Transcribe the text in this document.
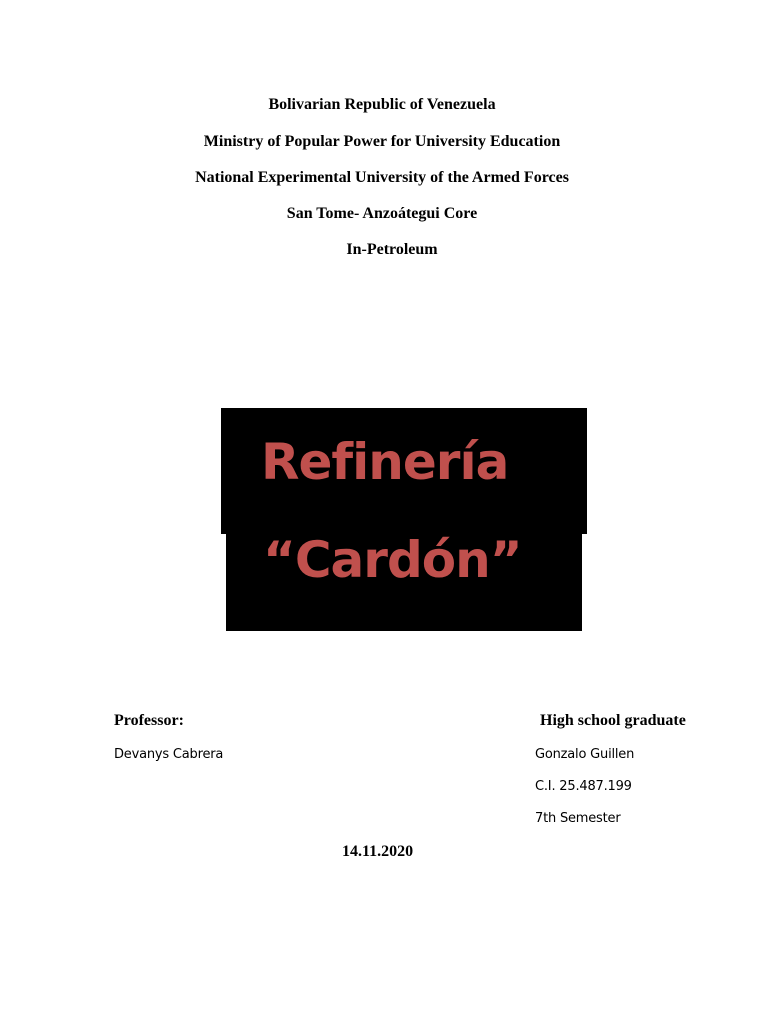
Bolivarian Republic of Venezuela
Ministry of Popular Power for University Education
National Experimental University of the Armed Forces
San Tome- Anzoátegui Core
In-Petroleum
Refinería
“Cardón”
Professor:
Devanys Cabrera
High school graduate
Gonzalo Guillen
C.I. 25.487.199
7th Semester
14.11.2020
